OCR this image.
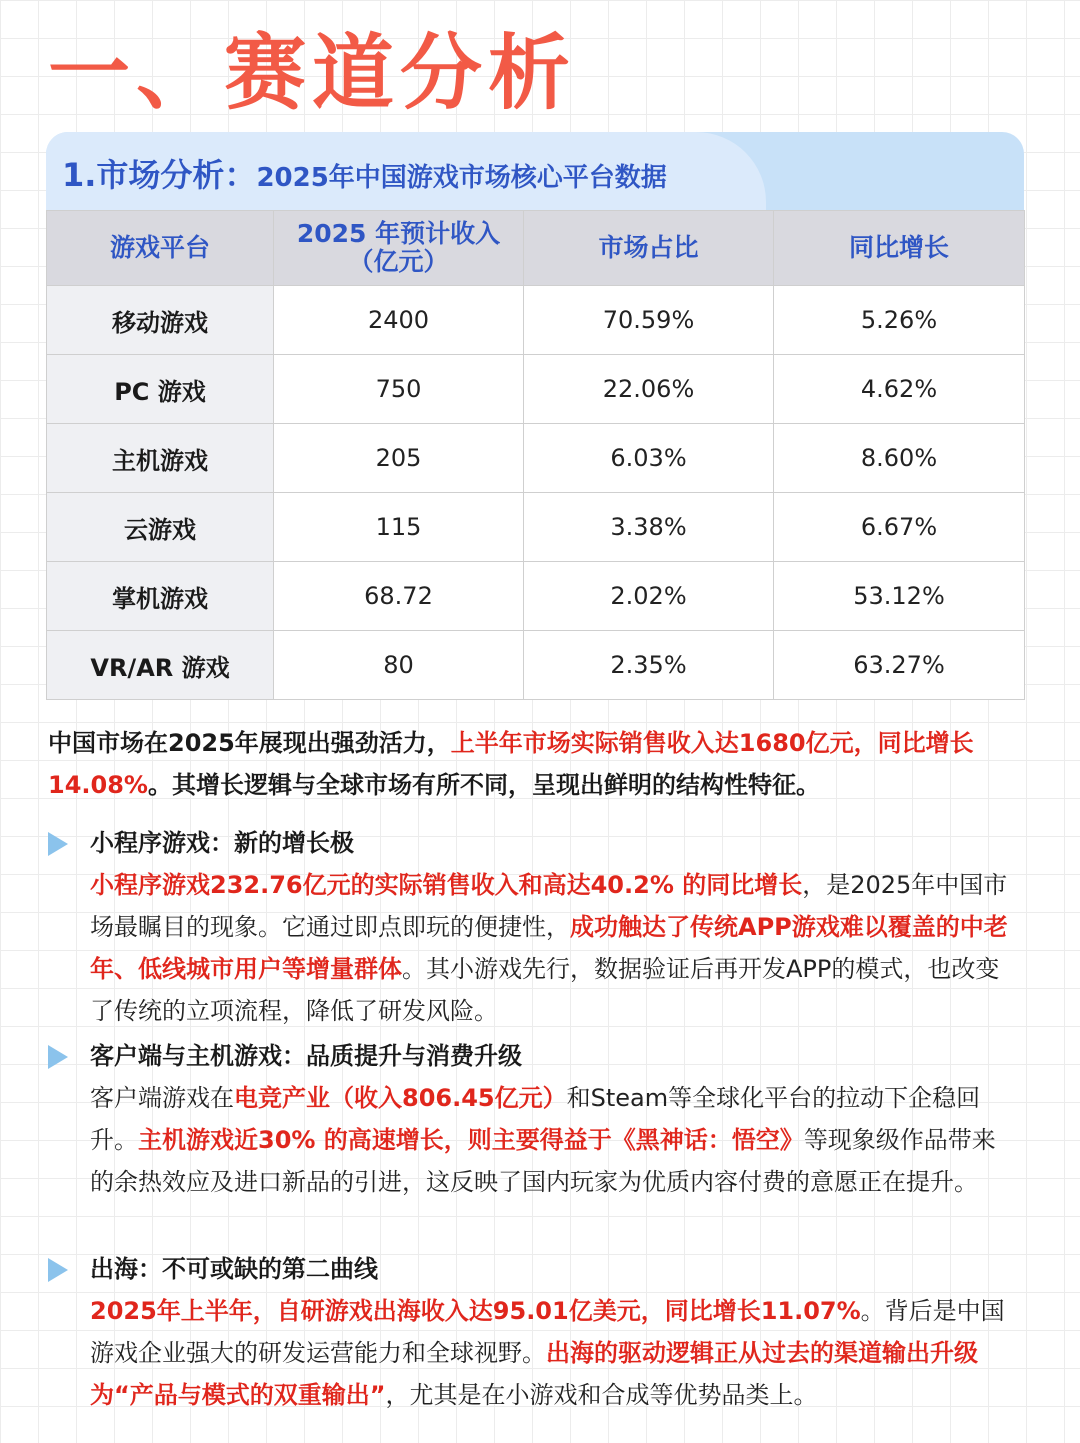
一、赛道分析
1.市场分析：2025年中国游戏市场核心平台数据
游戏平台	2025 年预计收入（亿元）	市场占比	同比增长
移动游戏	2400	70.59%	5.26%
PC 游戏	750	22.06%	4.62%
主机游戏	205	6.03%	8.60%
云游戏	115	3.38%	6.67%
掌机游戏	68.72	2.02%	53.12%
VR/AR 游戏	80	2.35%	63.27%
中国市场在2025年展现出强劲活力，上半年市场实际销售收入达1680亿元，同比增长14.08%。其增长逻辑与全球市场有所不同，呈现出鲜明的结构性特征。
小程序游戏：新的增长极
小程序游戏232.76亿元的实际销售收入和高达40.2% 的同比增长，是2025年中国市场最瞩目的现象。它通过即点即玩的便捷性，成功触达了传统APP游戏难以覆盖的中老年、低线城市用户等增量群体。其小游戏先行，数据验证后再开发APP的模式，也改变了传统的立项流程，降低了研发风险。
客户端与主机游戏：品质提升与消费升级
客户端游戏在电竞产业（收入806.45亿元）和Steam等全球化平台的拉动下企稳回升。主机游戏近30% 的高速增长，则主要得益于《黑神话：悟空》等现象级作品带来的余热效应及进口新品的引进，这反映了国内玩家为优质内容付费的意愿正在提升。
出海：不可或缺的第二曲线
2025年上半年，自研游戏出海收入达95.01亿美元，同比增长11.07%。背后是中国游戏企业强大的研发运营能力和全球视野。出海的驱动逻辑正从过去的渠道输出升级为“产品与模式的双重输出”，尤其是在小游戏和合成等优势品类上。
